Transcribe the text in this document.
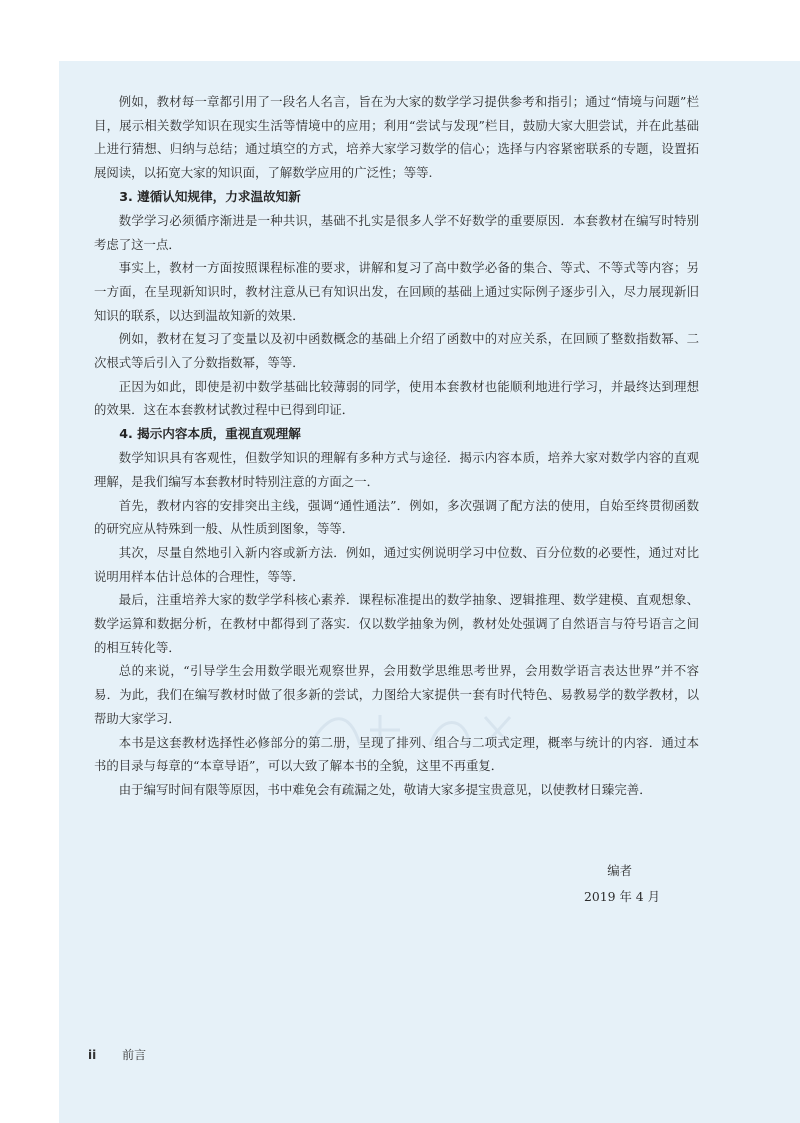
例如，教材每一章都引用了一段名人名言，旨在为大家的数学学习提供参考和指引；通过“情境与问题”栏目，展示相关数学知识在现实生活等情境中的应用；利用“尝试与发现”栏目，鼓励大家大胆尝试，并在此基础上进行猜想、归纳与总结；通过填空的方式，培养大家学习数学的信心；选择与内容紧密联系的专题，设置拓展阅读，以拓宽大家的知识面，了解数学应用的广泛性；等等.

3. 遵循认知规律，力求温故知新

数学学习必须循序渐进是一种共识，基础不扎实是很多人学不好数学的重要原因．本套教材在编写时特别考虑了这一点．

事实上，教材一方面按照课程标准的要求，讲解和复习了高中数学必备的集合、等式、不等式等内容；另一方面，在呈现新知识时，教材注意从已有知识出发，在回顾的基础上通过实际例子逐步引入，尽力展现新旧知识的联系，以达到温故知新的效果．

例如，教材在复习了变量以及初中函数概念的基础上介绍了函数中的对应关系，在回顾了整数指数幂、二次根式等后引入了分数指数幂，等等．

正因为如此，即使是初中数学基础比较薄弱的同学，使用本套教材也能顺利地进行学习，并最终达到理想的效果．这在本套教材试教过程中已得到印证．

4. 揭示内容本质，重视直观理解

数学知识具有客观性，但数学知识的理解有多种方式与途径．揭示内容本质，培养大家对数学内容的直观理解，是我们编写本套教材时特别注意的方面之一．

首先，教材内容的安排突出主线，强调“通性通法”．例如，多次强调了配方法的使用，自始至终贯彻函数的研究应从特殊到一般、从性质到图象，等等．

其次，尽量自然地引入新内容或新方法．例如，通过实例说明学习中位数、百分位数的必要性，通过对比说明用样本估计总体的合理性，等等．

最后，注重培养大家的数学学科核心素养．课程标准提出的数学抽象、逻辑推理、数学建模、直观想象、数学运算和数据分析，在教材中都得到了落实．仅以数学抽象为例，教材处处强调了自然语言与符号语言之间的相互转化等．

总的来说，“引导学生会用数学眼光观察世界，会用数学思维思考世界，会用数学语言表达世界”并不容易．为此，我们在编写教材时做了很多新的尝试，力图给大家提供一套有时代特色、易教易学的数学教材，以帮助大家学习．

本书是这套教材选择性必修部分的第二册，呈现了排列、组合与二项式定理，概率与统计的内容．通过本书的目录与每章的“本章导语”，可以大致了解本书的全貌，这里不再重复．

由于编写时间有限等原因，书中难免会有疏漏之处，敬请大家多提宝贵意见，以使教材日臻完善．

编者
2019 年 4 月
ii 前言
